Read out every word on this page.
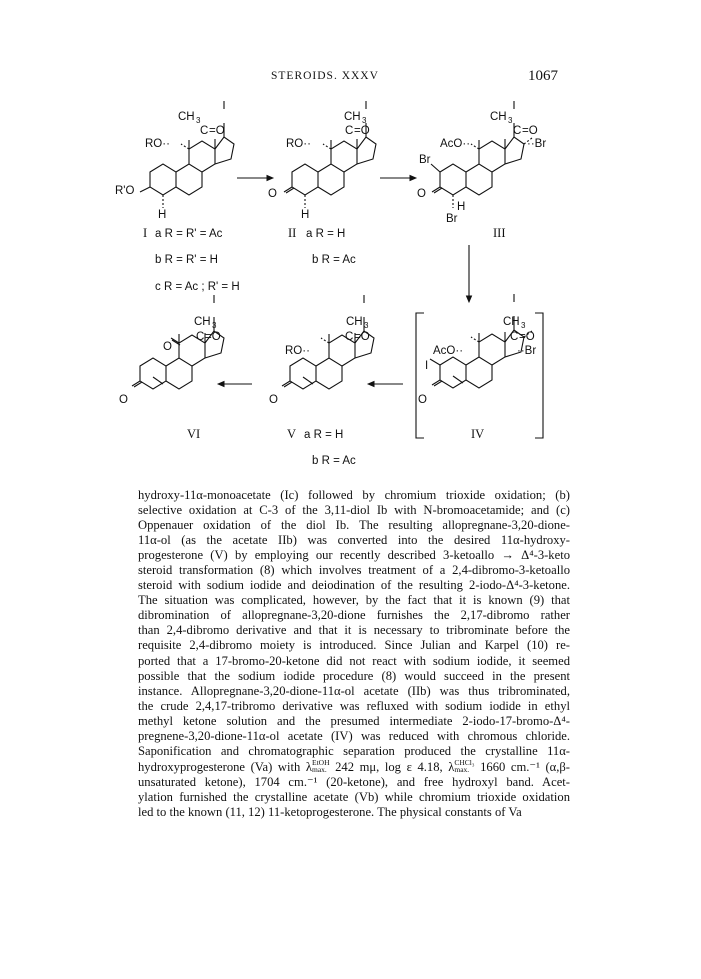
STEROIDS. XXXV	1067
CH 3
C =O
RO··
R'O
H
I a R = R' = Ac
b R = R' = H
c R = Ac ; R' = H
CH 3
C =O
RO··
O
H
II a R = H
b R = Ac
CH 3
C =O
AcO··	··Br
Br
O
H
Br
III
CH 3
C =O
AcO··	··Br
I
O
IV
CH 3
C =O
RO··
O
V a R = H
b R = Ac
CH 3
C =O
O
O
VI
hydroxy-11α-monoacetate (Ic) followed by chromium trioxide oxidation; (b)
selective oxidation at C-3 of the 3,11-diol Ib with N-bromoacetamide; and (c)
Oppenauer oxidation of the diol Ib. The resulting allopregnane-3,20-dione-
11α-ol (as the acetate IIb) was converted into the desired 11α-hydroxy-
progesterone (V) by employing our recently described 3-ketoallo → Δ⁴-3-keto
steroid transformation (8) which involves treatment of a 2,4-dibromo-3-ketoallo
steroid with sodium iodide and deiodination of the resulting 2-iodo-Δ⁴-3-ketone.
The situation was complicated, however, by the fact that it is known (9) that
dibromination of allopregnane-3,20-dione furnishes the 2,17-dibromo rather
than 2,4-dibromo derivative and that it is necessary to tribrominate before the
requisite 2,4-dibromo moiety is introduced. Since Julian and Karpel (10) re-
ported that a 17-bromo-20-ketone did not react with sodium iodide, it seemed
possible that the sodium iodide procedure (8) would succeed in the present
instance. Allopregnane-3,20-dione-11α-ol acetate (IIb) was thus tribrominated,
the crude 2,4,17-tribromo derivative was refluxed with sodium iodide in ethyl
methyl ketone solution and the presumed intermediate 2-iodo-17-bromo-Δ⁴-
pregnene-3,20-dione-11α-ol acetate (IV) was reduced with chromous chloride.
Saponification and chromatographic separation produced the crystalline 11α-
hydroxyprogesterone (Va) with λ EtOH
max. 242 mμ, log ε 4.18, λ CHCl₃
max. 1660 cm.⁻¹ (α,β-
unsaturated ketone), 1704 cm.⁻¹ (20-ketone), and free hydroxyl band. Acet-
ylation furnished the crystalline acetate (Vb) while chromium trioxide oxidation
led to the known (11, 12) 11-ketoprogesterone. The physical constants of Va
